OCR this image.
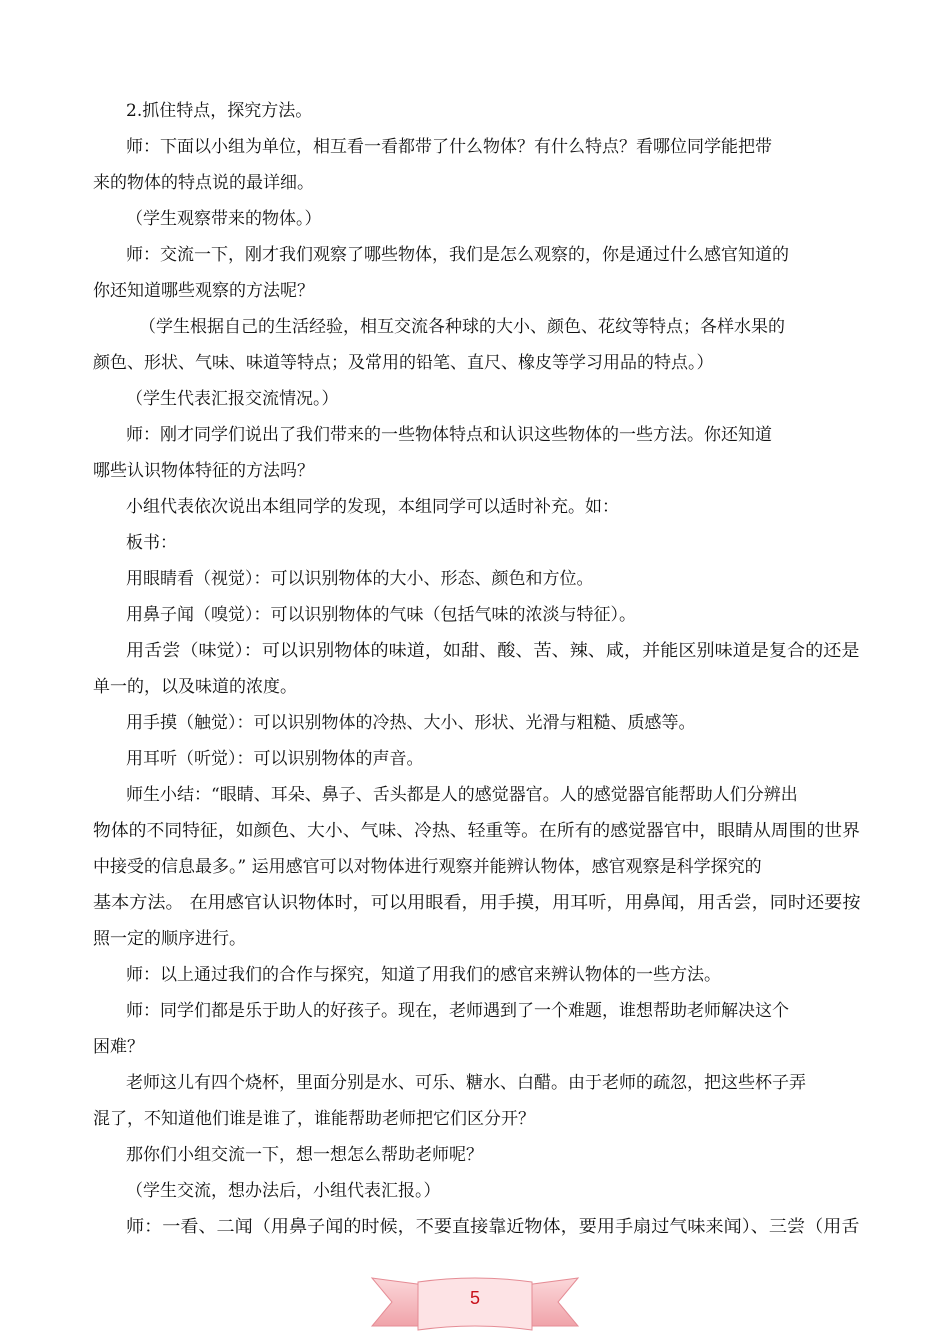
2.抓住特点，探究方法。
师：下面以小组为单位，相互看一看都带了什么物体？有什么特点？看哪位同学能把带
来的物体的特点说的最详细。
（学生观察带来的物体。）
师：交流一下，刚才我们观察了哪些物体，我们是怎么观察的，你是通过什么感官知道的
你还知道哪些观察的方法呢？
（学生根据自己的生活经验，相互交流各种球的大小、颜色、花纹等特点；各样水果的
颜色、形状、气味、味道等特点；及常用的铅笔、直尺、橡皮等学习用品的特点。）
（学生代表汇报交流情况。）
师：刚才同学们说出了我们带来的一些物体特点和认识这些物体的一些方法。你还知道
哪些认识物体特征的方法吗？
小组代表依次说出本组同学的发现，本组同学可以适时补充。如：
板书：
用眼睛看（视觉）：可以识别物体的大小、形态、颜色和方位。
用鼻子闻（嗅觉）：可以识别物体的气味（包括气味的浓淡与特征）。
用舌尝（味觉）：可以识别物体的味道，如甜、酸、苦、辣、咸，并能区别味道是复合的还是
单一的，以及味道的浓度。
用手摸（触觉）：可以识别物体的冷热、大小、形状、光滑与粗糙、质感等。
用耳听（听觉）：可以识别物体的声音。
师生小结：“眼睛、耳朵、鼻子、舌头都是人的感觉器官。人的感觉器官能帮助人们分辨出
物体的不同特征，如颜色、大小、气味、冷热、轻重等。在所有的感觉器官中，眼睛从周围的世界
中接受的信息最多。” 运用感官可以对物体进行观察并能辨认物体，感官观察是科学探究的
基本方法。 在用感官认识物体时，可以用眼看，用手摸，用耳听，用鼻闻，用舌尝，同时还要按
照一定的顺序进行。
师：以上通过我们的合作与探究，知道了用我们的感官来辨认物体的一些方法。
师：同学们都是乐于助人的好孩子。现在，老师遇到了一个难题，谁想帮助老师解决这个
困难？
老师这儿有四个烧杯，里面分别是水、可乐、糖水、白醋。由于老师的疏忽，把这些杯子弄
混了，不知道他们谁是谁了，谁能帮助老师把它们区分开？
那你们小组交流一下，想一想怎么帮助老师呢？
（学生交流，想办法后，小组代表汇报。）
师：一看、二闻（用鼻子闻的时候，不要直接靠近物体，要用手扇过气味来闻）、三尝（用舌
5
